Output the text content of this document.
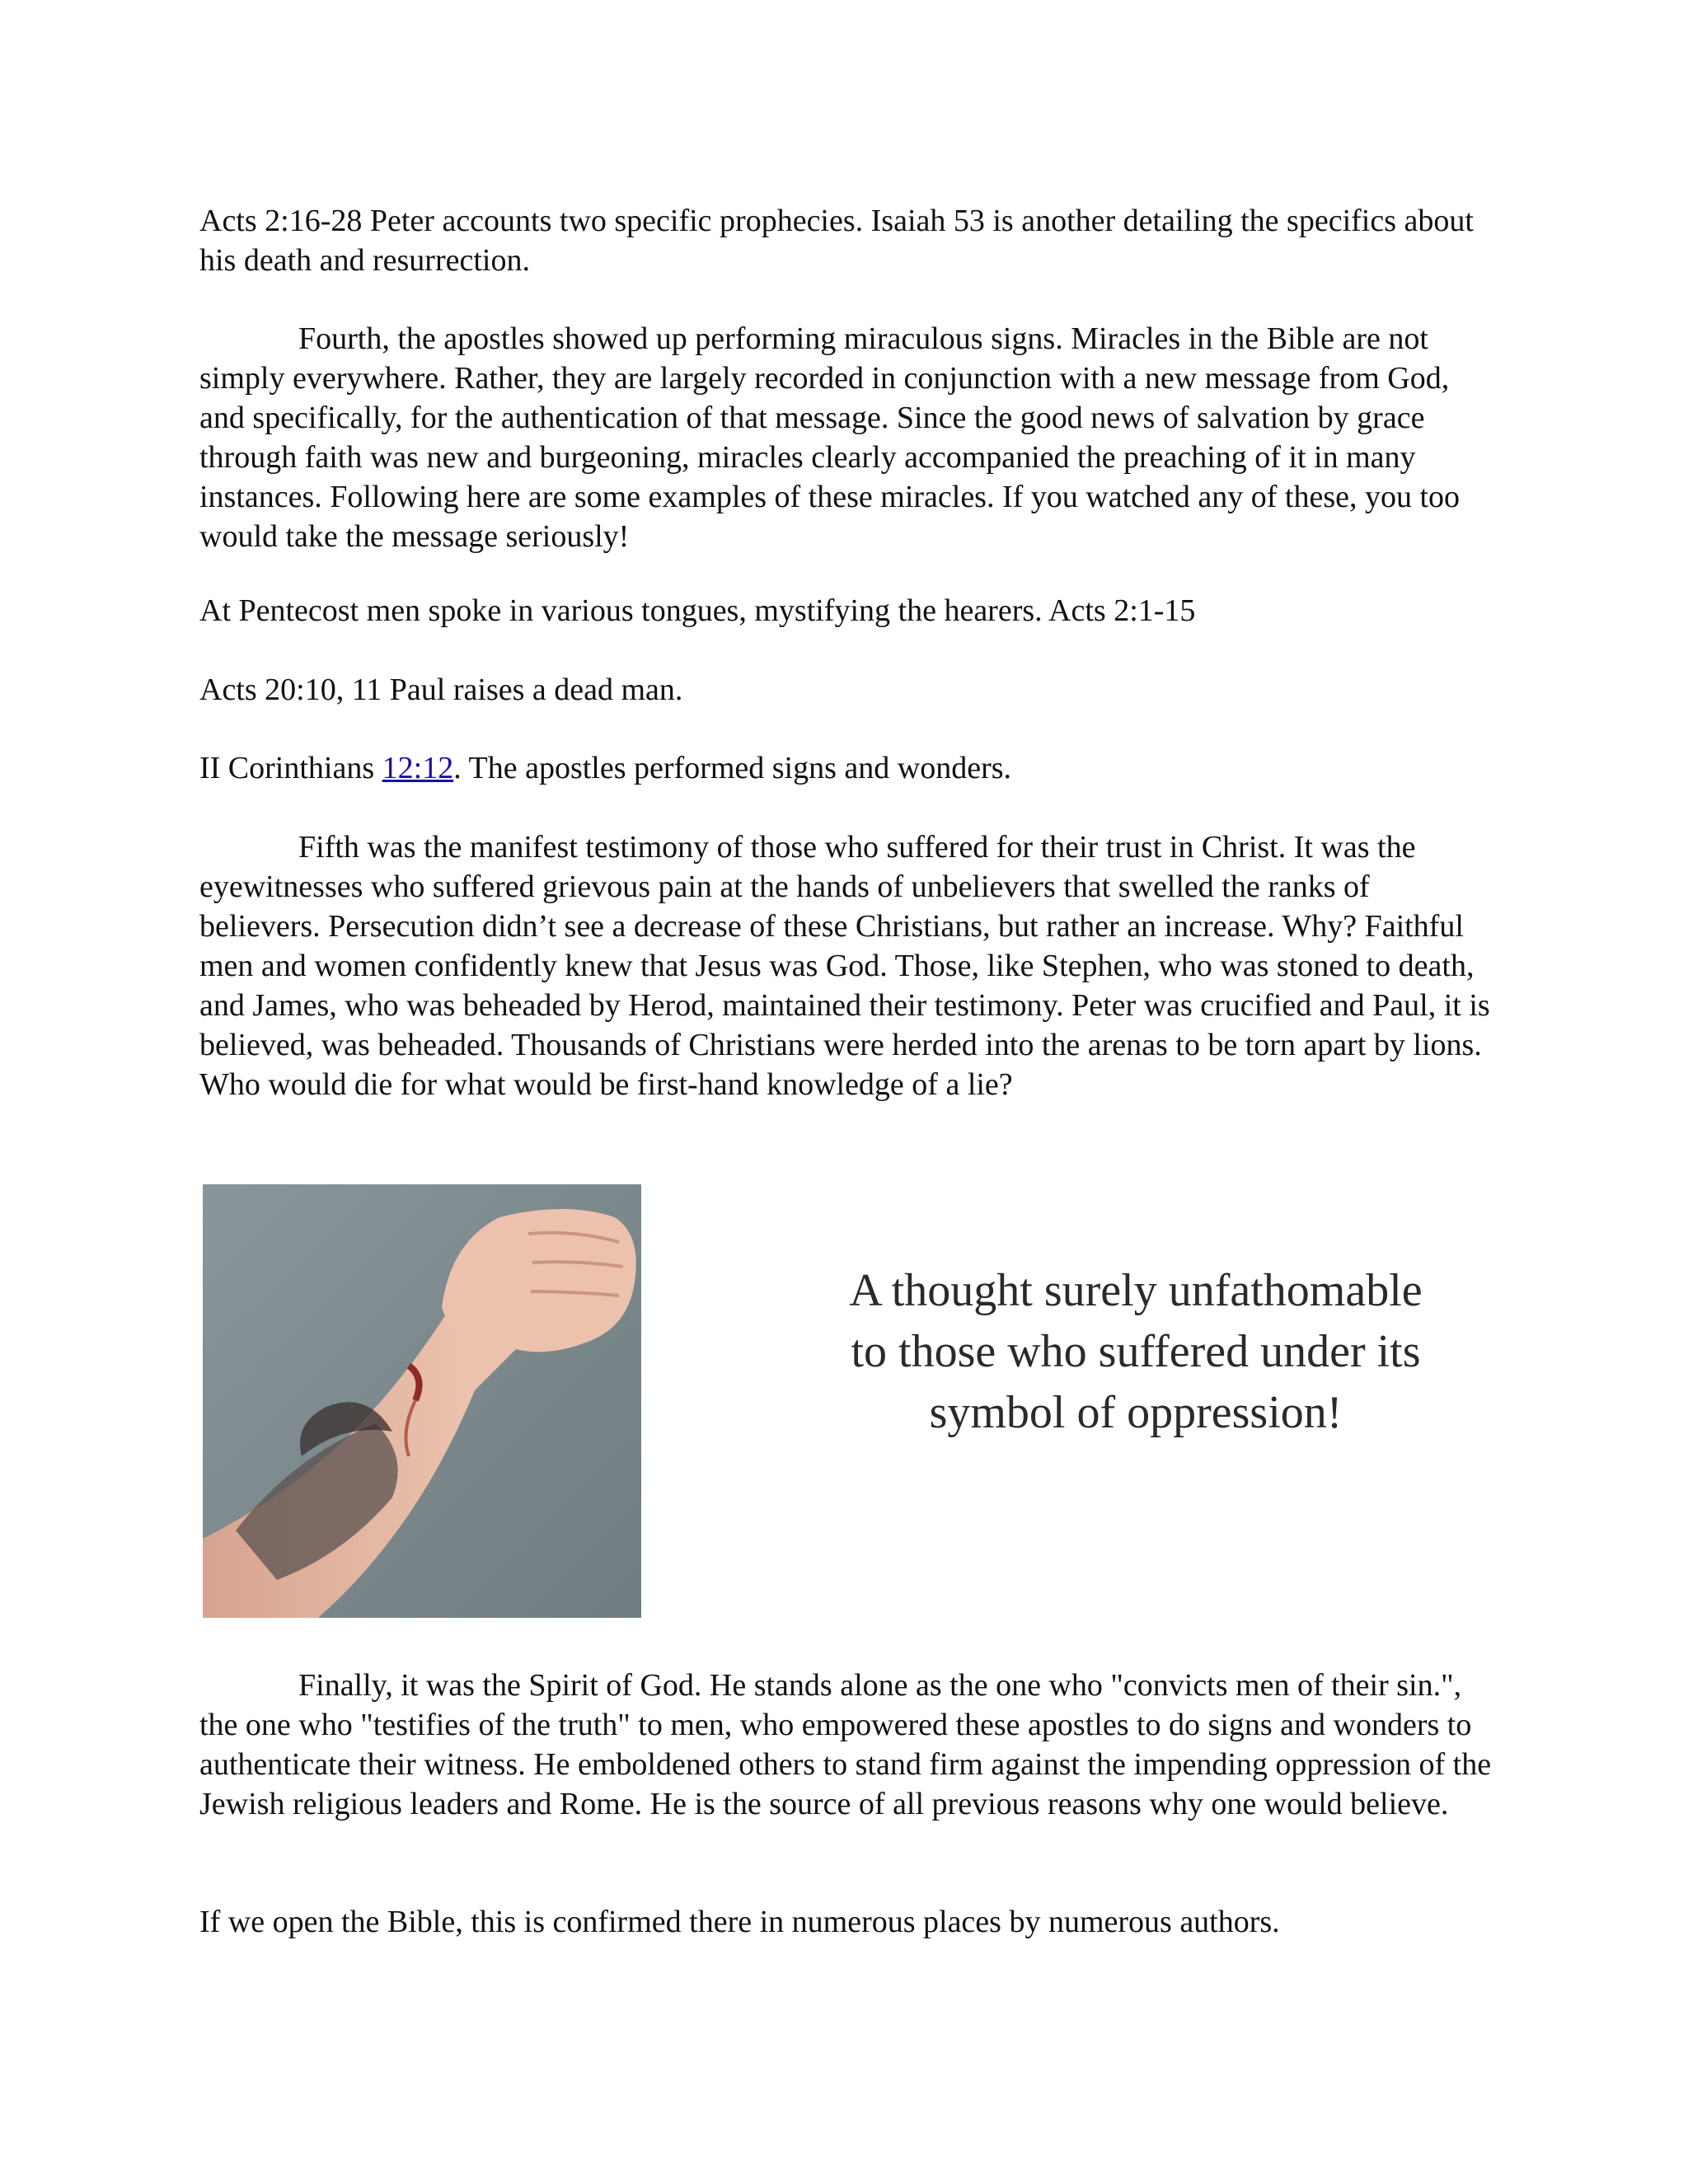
Acts 2:16-28 Peter accounts two specific prophecies. Isaiah 53 is another detailing the specifics about his death and resurrection.

Fourth, the apostles showed up performing miraculous signs. Miracles in the Bible are not simply everywhere. Rather, they are largely recorded in conjunction with a new message from God, and specifically, for the authentication of that message. Since the good news of salvation by grace through faith was new and burgeoning, miracles clearly accompanied the preaching of it in many instances. Following here are some examples of these miracles. If you watched any of these, you too would take the message seriously!

At Pentecost men spoke in various tongues, mystifying the hearers. Acts 2:1-15

Acts 20:10, 11 Paul raises a dead man.

II Corinthians 12:12. The apostles performed signs and wonders.

Fifth was the manifest testimony of those who suffered for their trust in Christ. It was the eyewitnesses who suffered grievous pain at the hands of unbelievers that swelled the ranks of believers. Persecution didn’t see a decrease of these Christians, but rather an increase. Why? Faithful men and women confidently knew that Jesus was God. Those, like Stephen, who was stoned to death, and James, who was beheaded by Herod, maintained their testimony. Peter was crucified and Paul, it is believed, was beheaded. Thousands of Christians were herded into the arenas to be torn apart by lions. Who would die for what would be first-hand knowledge of a lie?

A thought surely unfathomable to those who suffered under its symbol of oppression!

Finally, it was the Spirit of God. He stands alone as the one who "convicts men of their sin.", the one who "testifies of the truth" to men, who empowered these apostles to do signs and wonders to authenticate their witness. He emboldened others to stand firm against the impending oppression of the Jewish religious leaders and Rome. He is the source of all previous reasons why one would believe.

If we open the Bible, this is confirmed there in numerous places by numerous authors.
